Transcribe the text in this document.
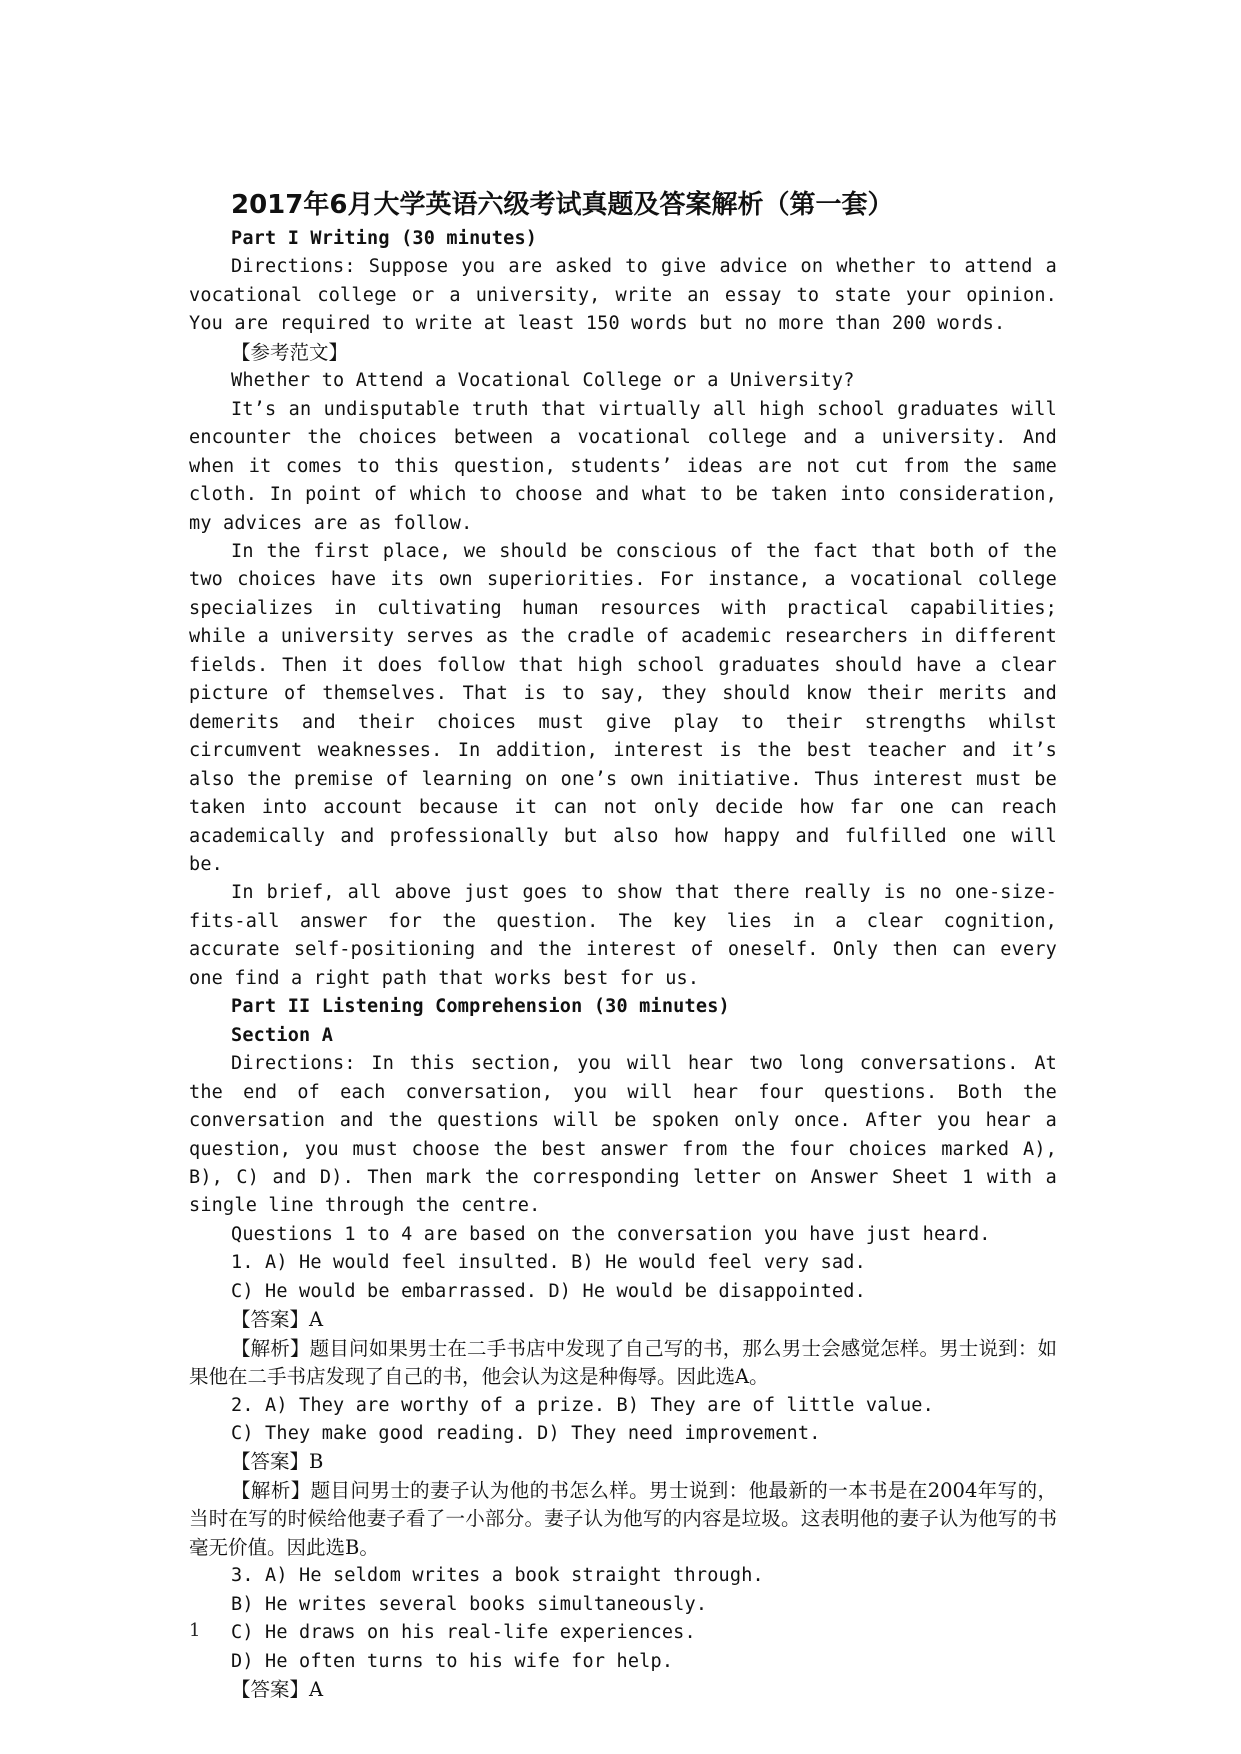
2017年6月大学英语六级考试真题及答案解析（第一套）
Part I Writing (30 minutes)

Directions: Suppose you are asked to give advice on whether to attend a vocational college or a university, write an essay to state your opinion. You are required to write at least 150 words but no more than 200 words.

【参考范文】

Whether to Attend a Vocational College or a University?

It’s an undisputable truth that virtually all high school graduates will encounter the choices between a vocational college and a university. And when it comes to this question, students’ ideas are not cut from the same cloth. In point of which to choose and what to be taken into consideration, my advices are as follow.

In the first place, we should be conscious of the fact that both of the two choices have its own superiorities. For instance, a vocational college specializes in cultivating human resources with practical capabilities; while a university serves as the cradle of academic researchers in different fields. Then it does follow that high school graduates should have a clear picture of themselves. That is to say, they should know their merits and demerits and their choices must give play to their strengths whilst circumvent weaknesses. In addition, interest is the best teacher and it’s also the premise of learning on one’s own initiative. Thus interest must be taken into account because it can not only decide how far one can reach academically and professionally but also how happy and fulfilled one will be.

In brief, all above just goes to show that there really is no one-size-fits-all answer for the question. The key lies in a clear cognition, accurate self-positioning and the interest of oneself. Only then can every one find a right path that works best for us.

Part II Listening Comprehension (30 minutes)
Section A

Directions: In this section, you will hear two long conversations. At the end of each conversation, you will hear four questions. Both the conversation and the questions will be spoken only once. After you hear a question, you must choose the best answer from the four choices marked A), B), C) and D). Then mark the corresponding letter on Answer Sheet 1 with a single line through the centre.

Questions 1 to 4 are based on the conversation you have just heard.

1. A) He would feel insulted. B) He would feel very sad.

C) He would be embarrassed. D) He would be disappointed.

【答案】A

【解析】题目问如果男士在二手书店中发现了自己写的书，那么男士会感觉怎样。男士说到：如果他在二手书店发现了自己的书，他会认为这是种侮辱。因此选A。

2. A) They are worthy of a prize. B) They are of little value.

C) They make good reading. D) They need improvement.

【答案】B

【解析】题目问男士的妻子认为他的书怎么样。男士说到：他最新的一本书是在2004年写的，当时在写的时候给他妻子看了一小部分。妻子认为他写的内容是垃圾。这表明他的妻子认为他写的书毫无价值。因此选B。

3. A) He seldom writes a book straight through.

B) He writes several books simultaneously.

C) He draws on his real-life experiences.

D) He often turns to his wife for help.

【答案】A

1
